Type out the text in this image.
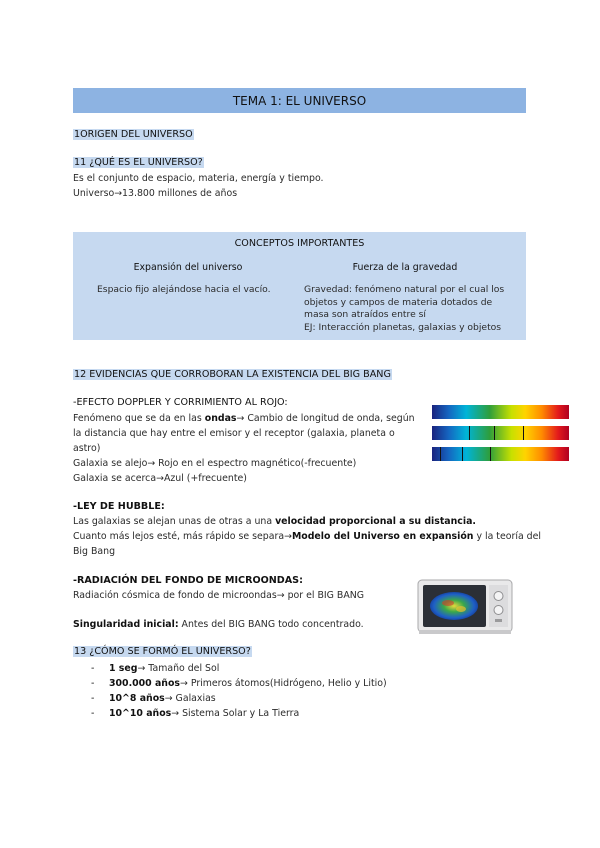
TEMA 1: EL UNIVERSO
1ORIGEN DEL UNIVERSO
11 ¿QUÉ ES EL UNIVERSO?
Es el conjunto de espacio, materia, energía y tiempo.
Universo→13.800 millones de años
CONCEPTOS IMPORTANTES
Expansión del universo	Fuerza de la gravedad
Espacio fijo alejándose hacia el vacío.	Gravedad: fenómeno natural por el cual los
objetos y campos de materia dotados de
masa son atraídos entre sí
EJ: Interacción planetas, galaxias y objetos
12 EVIDENCIAS QUE CORROBORAN LA EXISTENCIA DEL BIG BANG
-EFECTO DOPPLER Y CORRIMIENTO AL ROJO:
Fenómeno que se da en las ondas→ Cambio de longitud de onda, según
la distancia que hay entre el emisor y el receptor (galaxia, planeta o
astro)
Galaxia se alejo→ Rojo en el espectro magnético(-frecuente)
Galaxia se acerca→Azul (+frecuente)
-LEY DE HUBBLE:
Las galaxias se alejan unas de otras a una velocidad proporcional a su distancia.
Cuanto más lejos esté, más rápido se separa→Modelo del Universo en expansión y la teoría del
Big Bang
-RADIACIÓN DEL FONDO DE MICROONDAS:
Radiación cósmica de fondo de microondas→ por el BIG BANG
Singularidad inicial: Antes del BIG BANG todo concentrado.
13 ¿CÓMO SE FORMÓ EL UNIVERSO?
- 1 seg→ Tamaño del Sol
- 300.000 años→ Primeros átomos(Hidrógeno, Helio y Litio)
- 10^8 años→ Galaxias
- 10^10 años→ Sistema Solar y La Tierra
